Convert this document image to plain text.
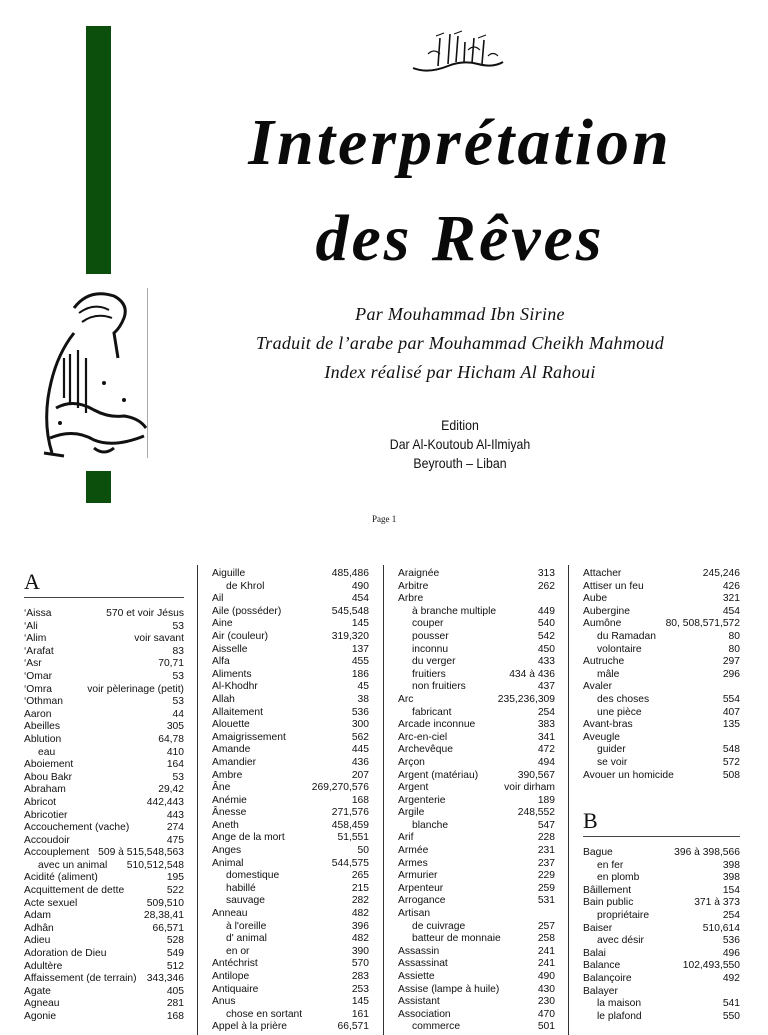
Interprétation
des Rêves
Par Mouhammad Ibn Sirine
Traduit de l’arabe par Mouhammad Cheikh Mahmoud
Index réalisé par Hicham Al Rahoui
Edition
Dar Al-Koutoub Al-Ilmiyah
Beyrouth – Liban
Page 1
A
‘Aissa	570 et voir Jésus
‘Ali	53
‘Alim	voir savant
‘Arafat	83
‘Asr	70,71
‘Omar	53
‘Omra	voir pèlerinage (petit)
‘Othman	53
Aaron	44
Abeilles	305
Ablution	64,78
eau	410
Aboiement	164
Abou Bakr	53
Abraham	29,42
Abricot	442,443
Abricotier	443
Accouchement (vache)	274
Accoudoir	475
Accouplement 509 à 515,548,563
avec un animal 510,512,548
Acidité (aliment)	195
Acquittement de dette	522
Acte sexuel	509,510
Adam	28,38,41
Adhân	66,571
Adieu	528
Adoration de Dieu	549
Adultère	512
Affaissement (de terrain) 343,346
Agate	405
Agneau	281
Agonie	168
Aiguille	485,486
de Khrol	490
Ail	454
Aile (posséder)	545,548
Aine	145
Air (couleur)	319,320
Aisselle	137
Alfa	455
Aliments	186
Al-Khodhr	45
Allah	38
Allaitement	536
Alouette	300
Amaigrissement	562
Amande	445
Amandier	436
Ambre	207
Âne	269,270,576
Anémie	168
Ânesse	271,576
Aneth	458,459
Ange de la mort	51,551
Anges	50
Animal	544,575
domestique	265
habillé	215
sauvage	282
Anneau	482
à l'oreille	396
d' animal	482
en or	390
Antéchrist	570
Antilope	283
Antiquaire	253
Anus	145
chose en sortant	161
Appel à la prière	66,571
Araignée	313
Arbitre	262
Arbre
à branche multiple	449
couper	540
pousser	542
inconnu	450
du verger	433
fruitiers	434 à 436
non fruitiers	437
Arc	235,236,309
fabricant	254
Arcade inconnue	383
Arc-en-ciel	341
Archevêque	472
Arçon	494
Argent (matériau)	390,567
Argent	voir dirham
Argenterie	189
Argile	248,552
blanche	547
Arif	228
Armée	231
Armes	237
Armurier	229
Arpenteur	259
Arrogance	531
Artisan
de cuivrage	257
batteur de monnaie	258
Assassin	241
Assassinat	241
Assiette	490
Assise (lampe à huile)	430
Assistant	230
Association	470
commerce	501
Attacher	245,246
Attiser un feu	426
Aube	321
Aubergine	454
Aumône	80, 508,571,572
du Ramadan	80
volontaire	80
Autruche	297
mâle	296
Avaler
des choses	554
une pièce	407
Avant-bras	135
Aveugle
guider	548
se voir	572
Avouer un homicide	508
B
Bague	396 à 398,566
en fer	398
en plomb	398
Bâillement	154
Bain public	371 à 373
propriétaire	254
Baiser	510,614
avec désir	536
Balai	496
Balance	102,493,550
Balançoire	492
Balayer
la maison	541
le plafond	550
